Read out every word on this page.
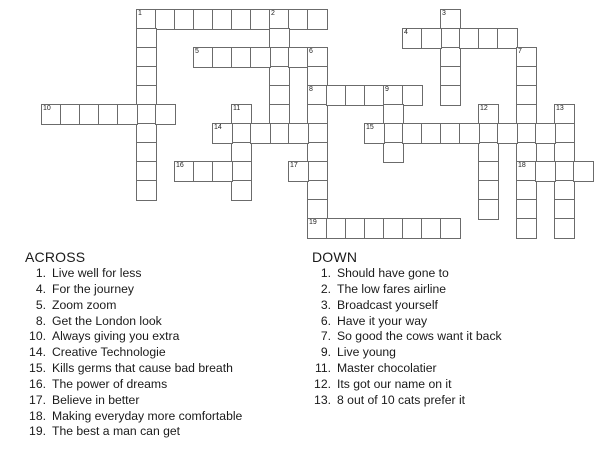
1	2	3
4
5	6
8
19
7
18
9
10	11	12	13
14	15
16	17
ACROSS
1. Live well for less
4. For the journey
5. Zoom zoom
8. Get the London look
10. Always giving you extra
14. Creative Technologie
15. Kills germs that cause bad breath
16. The power of dreams
17. Believe in better
18. Making everyday more comfortable
19. The best a man can get
DOWN
1. Should have gone to
2. The low fares airline
3. Broadcast yourself
6. Have it your way
7. So good the cows want it back
9. Live young
11. Master chocolatier
12. Its got our name on it
13. 8 out of 10 cats prefer it
